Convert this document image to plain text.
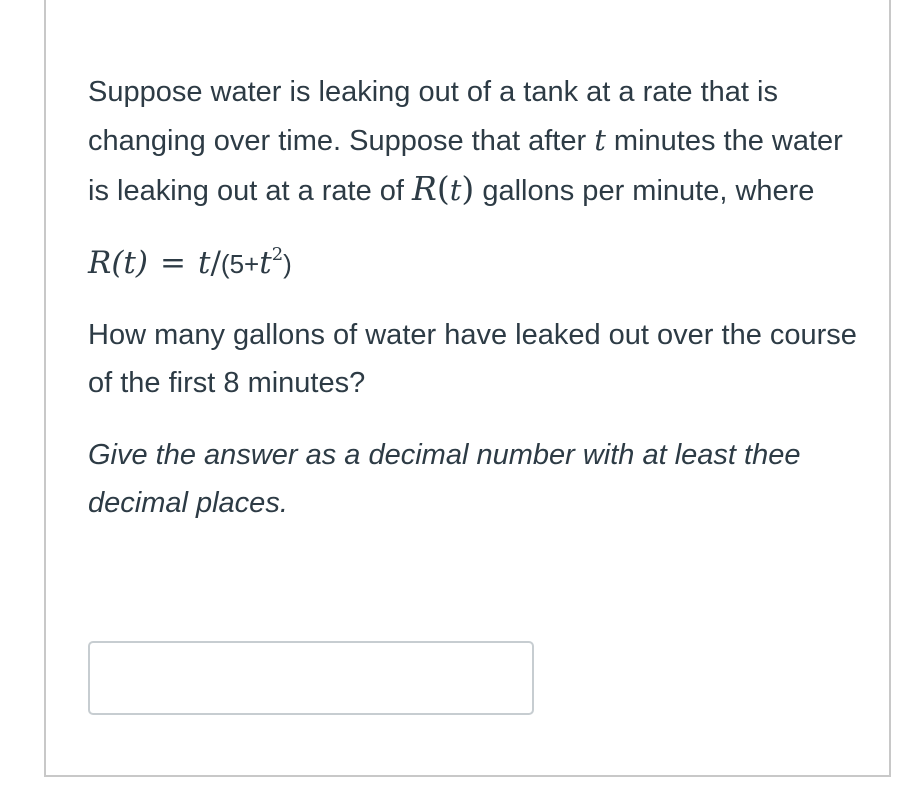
Suppose water is leaking out of a tank at a rate that is changing over time. Suppose that after t minutes the water is leaking out at a rate of R(t) gallons per minute, where

$R(t) = t/(5+t^2)$

How many gallons of water have leaked out over the course of the first 8 minutes?

Give the answer as a decimal number with at least thee decimal places.
